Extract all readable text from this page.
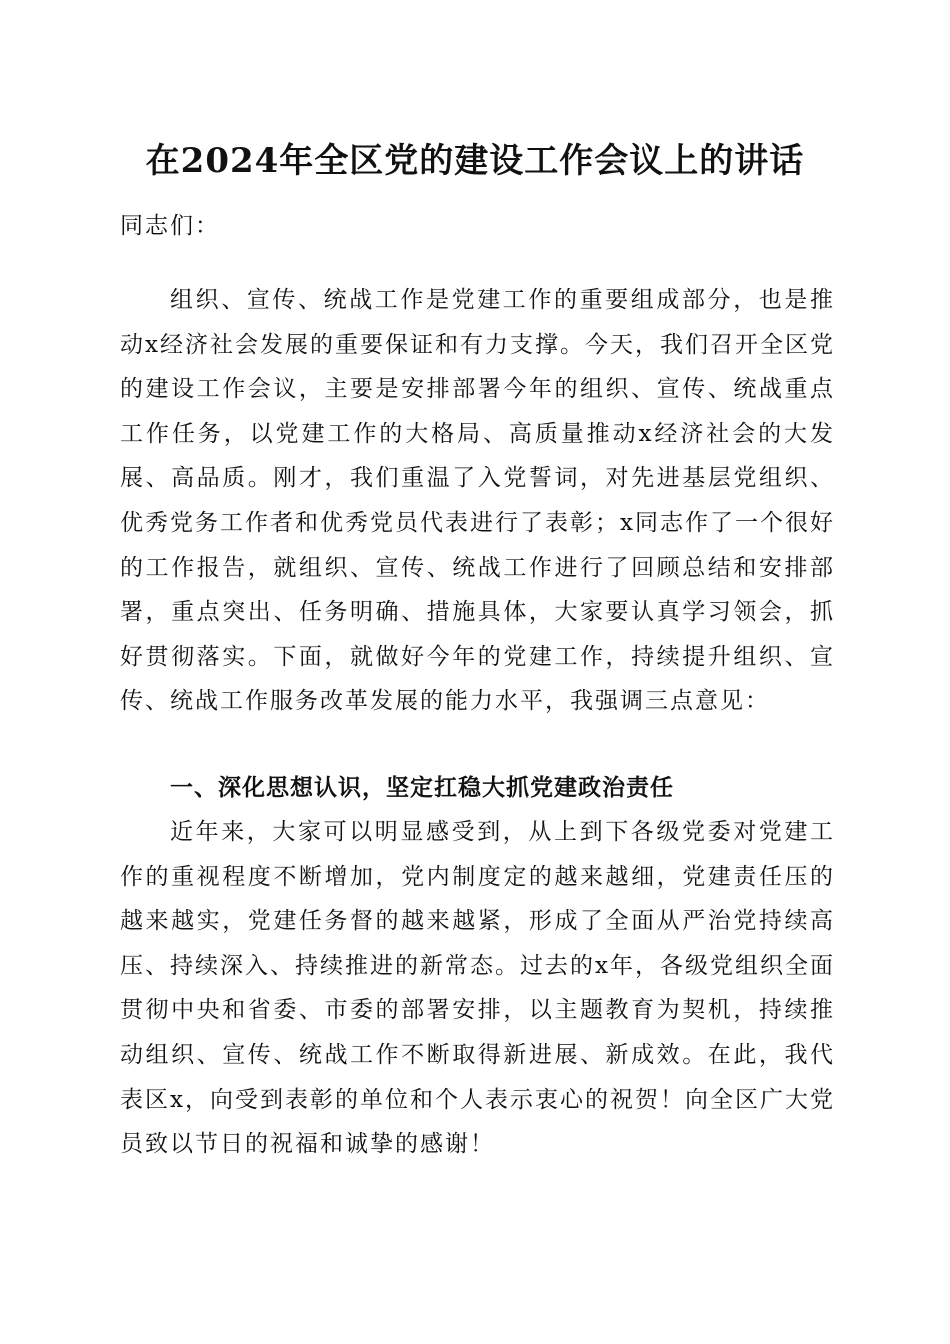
在2024年全区党的建设工作会议上的讲话
同志们：
组织、宣传、统战工作是党建工作的重要组成部分，也是推动x经济社会发展的重要保证和有力支撑。今天，我们召开全区党的建设工作会议，主要是安排部署今年的组织、宣传、统战重点工作任务，以党建工作的大格局、高质量推动x经济社会的大发展、高品质。刚才，我们重温了入党誓词，对先进基层党组织、优秀党务工作者和优秀党员代表进行了表彰；x同志作了一个很好的工作报告，就组织、宣传、统战工作进行了回顾总结和安排部署，重点突出、任务明确、措施具体，大家要认真学习领会，抓好贯彻落实。下面，就做好今年的党建工作，持续提升组织、宣传、统战工作服务改革发展的能力水平，我强调三点意见：
一、深化思想认识，坚定扛稳大抓党建政治责任
近年来，大家可以明显感受到，从上到下各级党委对党建工作的重视程度不断增加，党内制度定的越来越细，党建责任压的越来越实，党建任务督的越来越紧，形成了全面从严治党持续高压、持续深入、持续推进的新常态。过去的x年，各级党组织全面贯彻中央和省委、市委的部署安排，以主题教育为契机，持续推动组织、宣传、统战工作不断取得新进展、新成效。在此，我代表区x，向受到表彰的单位和个人表示衷心的祝贺！向全区广大党员致以节日的祝福和诚挚的感谢！
